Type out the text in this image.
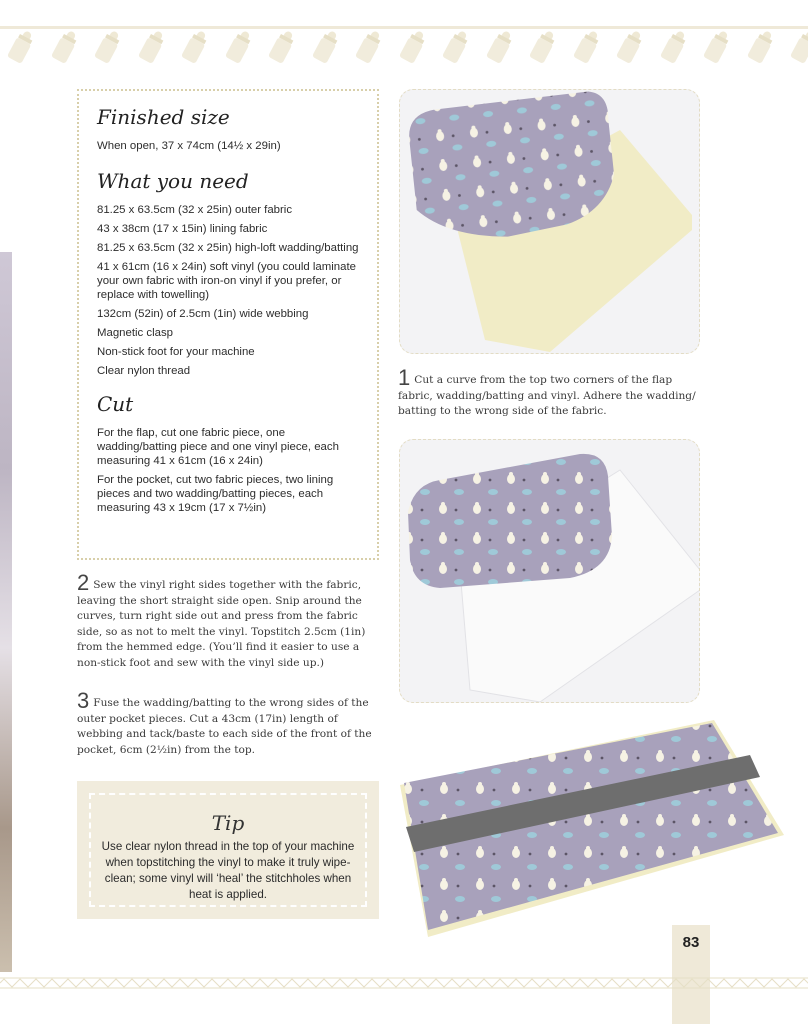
Finished size

When open, 37 x 74cm (14½ x 29in)

What you need
81.25 x 63.5cm (32 x 25in) outer fabric
43 x 38cm (17 x 15in) lining fabric
81.25 x 63.5cm (32 x 25in) high-loft wadding/batting
41 x 61cm (16 x 24in) soft vinyl (you could laminate your own fabric with iron-on vinyl if you prefer, or replace with towelling)
132cm (52in) of 2.5cm (1in) wide webbing
Magnetic clasp
Non-stick foot for your machine
Clear nylon thread
Cut

For the flap, cut one fabric piece, one wadding/batting piece and one vinyl piece, each measuring 41 x 61cm (16 x 24in)

For the pocket, cut two fabric pieces, two lining pieces and two wadding/batting pieces, each measuring 43 x 19cm (17 x 7½in)

1 Cut a curve from the top two corners of the flap fabric, wadding/batting and vinyl. Adhere the wadding/ batting to the wrong side of the fabric.
2 Sew the vinyl right sides together with the fabric, leaving the short straight side open. Snip around the curves, turn right side out and press from the fabric side, so as not to melt the vinyl. Topstitch 2.5cm (1in) from the hemmed edge. (You’ll find it easier to use a non-stick foot and sew with the vinyl side up.)
3 Fuse the wadding/batting to the wrong sides of the outer pocket pieces. Cut a 43cm (17in) length of webbing and tack/baste to each side of the front of the pocket, 6cm (2½in) from the top.
Tip
Use clear nylon thread in the top of your machine when topstitching the vinyl to make it truly wipe-clean; some vinyl will ‘heal’ the stitchholes when heat is applied.
83
